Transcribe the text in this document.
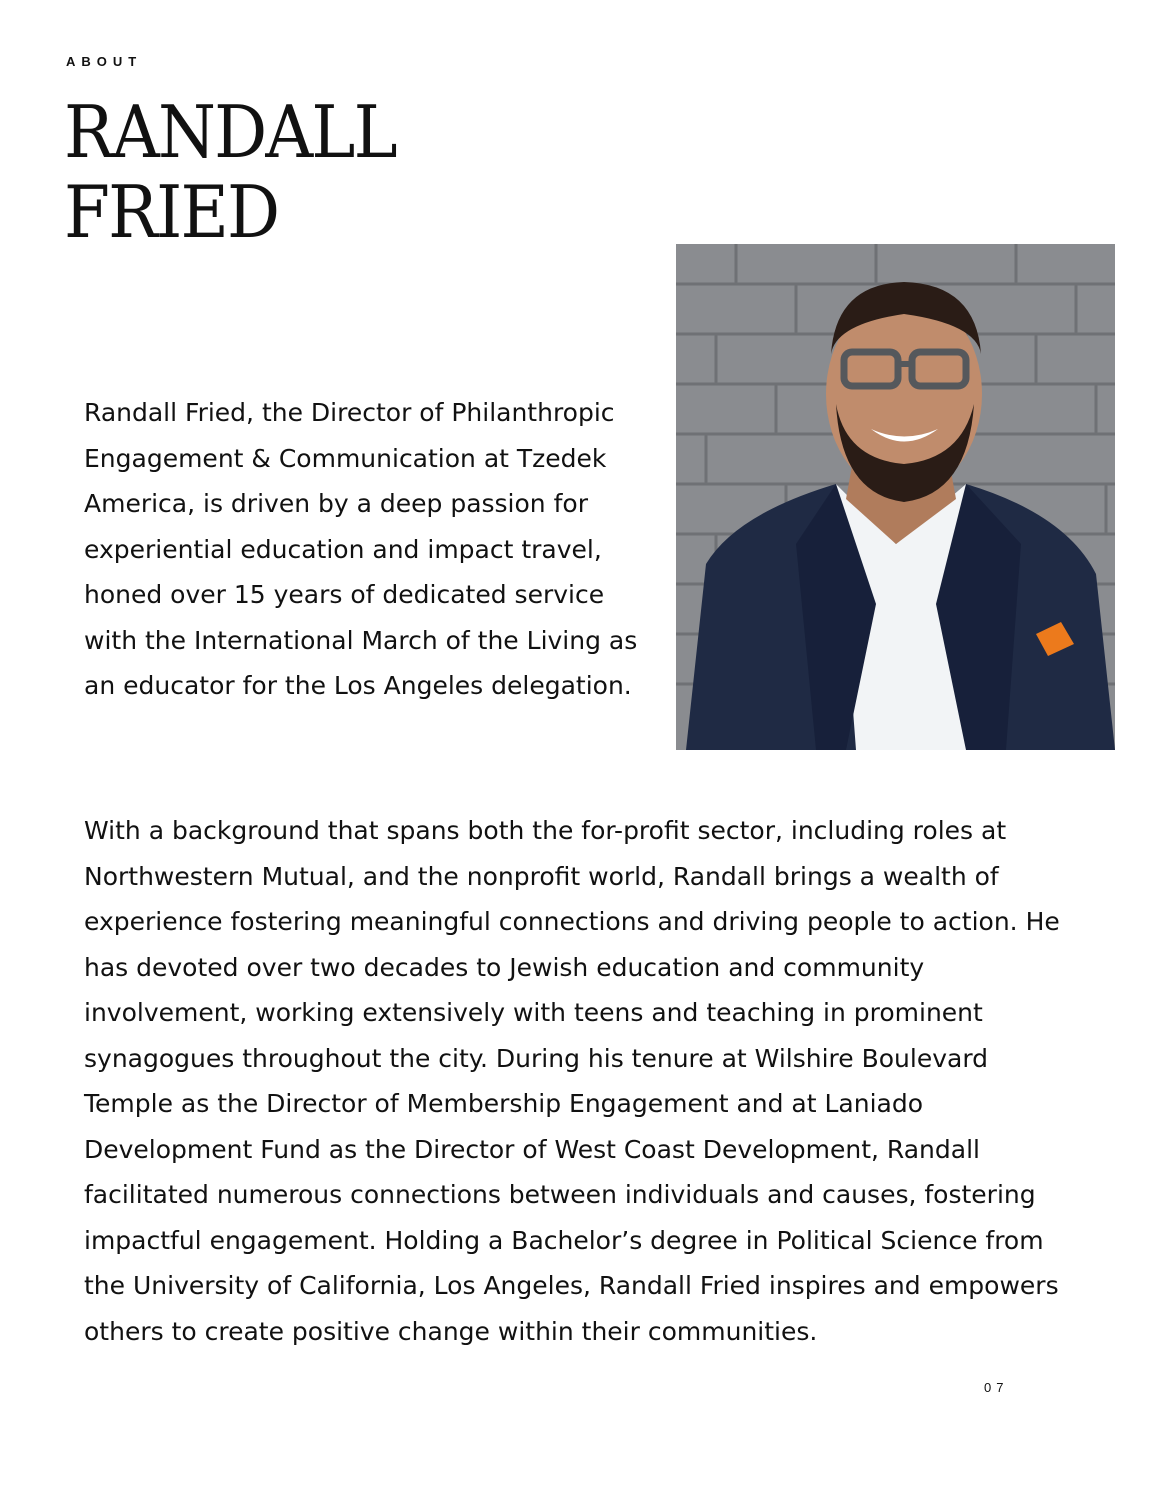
ABOUT

RANDALL
FRIED

Randall Fried, the Director of Philanthropic Engagement & Communication at Tzedek America, is driven by a deep passion for experiential education and impact travel, honed over 15 years of dedicated service with the International March of the Living as an educator for the Los Angeles delegation.

With a background that spans both the for-profit sector, including roles at Northwestern Mutual, and the nonprofit world, Randall brings a wealth of experience fostering meaningful connections and driving people to action. He has devoted over two decades to Jewish education and community involvement, working extensively with teens and teaching in prominent synagogues throughout the city. During his tenure at Wilshire Boulevard Temple as the Director of Membership Engagement and at Laniado Development Fund as the Director of West Coast Development, Randall facilitated numerous connections between individuals and causes, fostering impactful engagement. Holding a Bachelor’s degree in Political Science from the University of California, Los Angeles, Randall Fried inspires and empowers others to create positive change within their communities.

07
